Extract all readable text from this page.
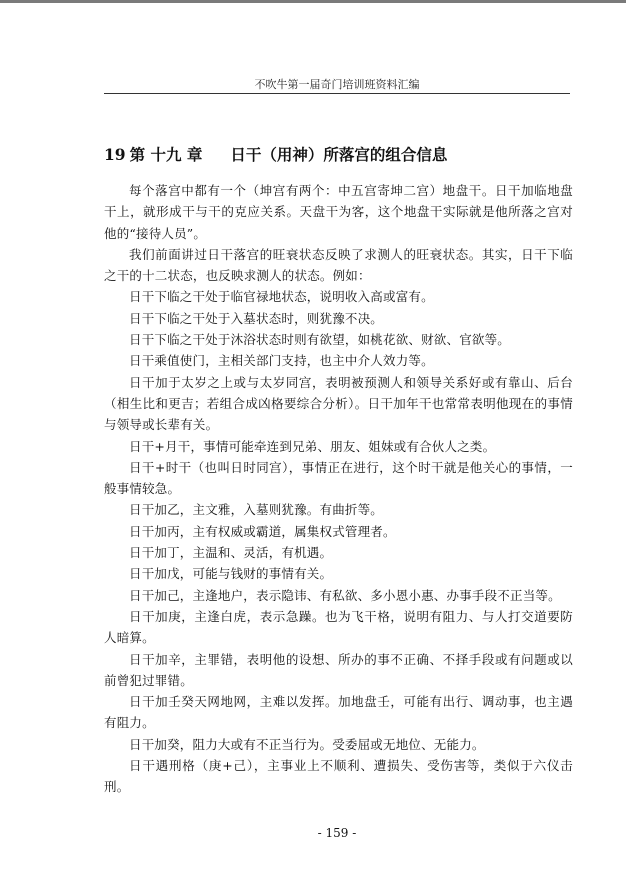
不吹牛第一届奇门培训班资料汇编
19 第 十九 章 日干（用神）所落宫的组合信息

每个落宫中都有一个（坤宫有两个：中五宫寄坤二宫）地盘干。日干加临地盘干上，就形成干与干的克应关系。天盘干为客，这个地盘干实际就是他所落之宫对他的“接待人员”。

我们前面讲过日干落宫的旺衰状态反映了求测人的旺衰状态。其实，日干下临之干的十二状态，也反映求测人的状态。例如：

日干下临之干处于临官禄地状态，说明收入高或富有。

日干下临之干处于入墓状态时，则犹豫不决。

日干下临之干处于沐浴状态时则有欲望，如桃花欲、财欲、官欲等。

日干乘值使门，主相关部门支持，也主中介人效力等。

日干加于太岁之上或与太岁同宫，表明被预测人和领导关系好或有靠山、后台（相生比和更吉；若组合成凶格要综合分析）。日干加年干也常常表明他现在的事情与领导或长辈有关。

日干+月干，事情可能牵连到兄弟、朋友、姐妹或有合伙人之类。

日干+时干（也叫日时同宫），事情正在进行，这个时干就是他关心的事情，一般事情较急。

日干加乙，主文雅，入墓则犹豫。有曲折等。

日干加丙，主有权威或霸道，属集权式管理者。

日干加丁，主温和、灵活，有机遇。

日干加戊，可能与钱财的事情有关。

日干加己，主逢地户，表示隐讳、有私欲、多小恩小惠、办事手段不正当等。

日干加庚，主逢白虎，表示急躁。也为飞干格，说明有阻力、与人打交道要防人暗算。

日干加辛，主罪错，表明他的设想、所办的事不正确、不择手段或有问题或以前曾犯过罪错。

日干加壬癸天网地网，主难以发挥。加地盘壬，可能有出行、调动事，也主遇有阻力。

日干加癸，阻力大或有不正当行为。受委屈或无地位、无能力。

日干遇刑格（庚+己），主事业上不顺利、遭损失、受伤害等，类似于六仪击刑。

- 159 -
